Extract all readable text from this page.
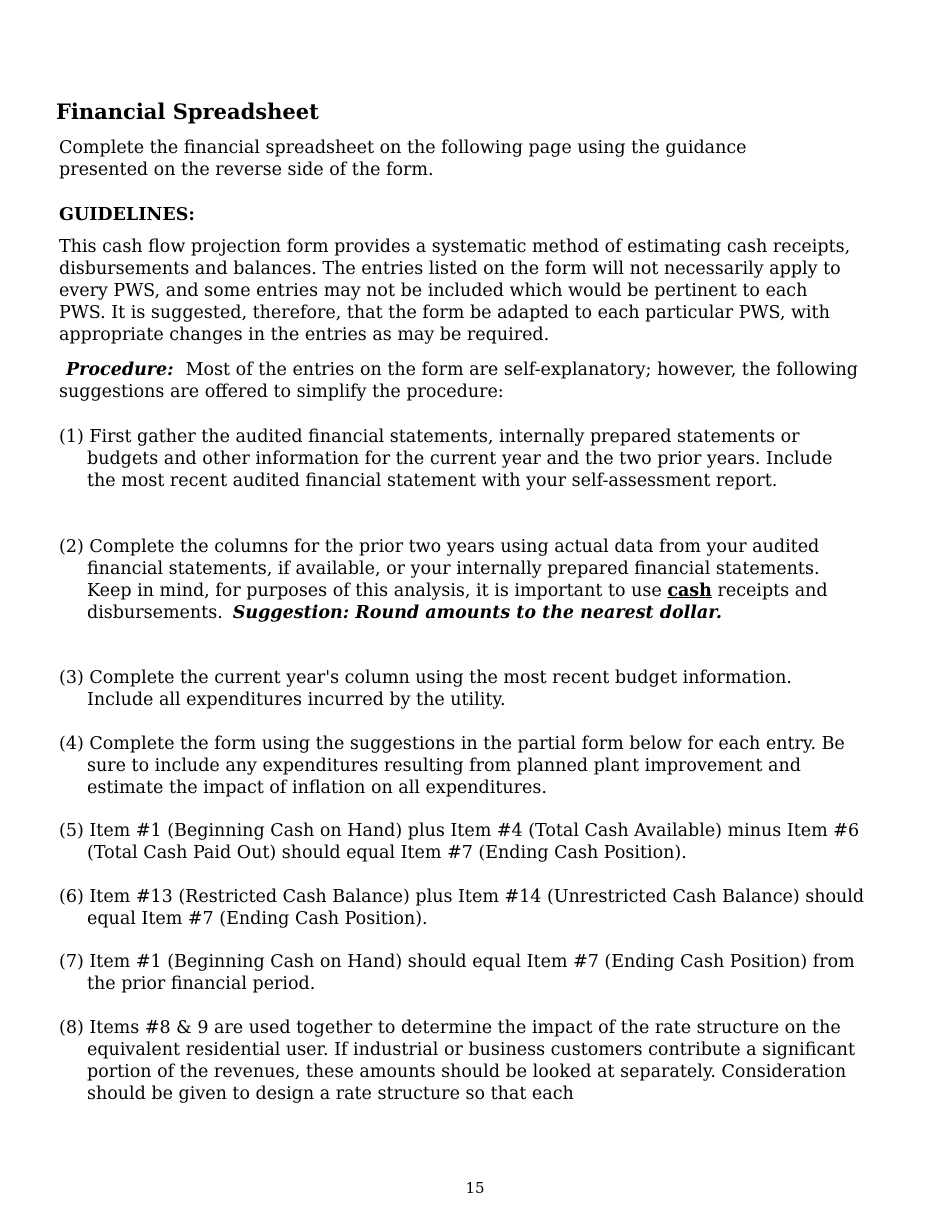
Financial Spreadsheet

Complete the financial spreadsheet on the following page using the guidance presented on the reverse side of the form.

GUIDELINES:

This cash flow projection form provides a systematic method of estimating cash receipts, disbursements and balances. The entries listed on the form will not necessarily apply to every PWS, and some entries may not be included which would be pertinent to each PWS. It is suggested, therefore, that the form be adapted to each particular PWS, with appropriate changes in the entries as may be required.

Procedure: Most of the entries on the form are self-explanatory; however, the following suggestions are offered to simplify the procedure:

(1) First gather the audited financial statements, internally prepared statements or budgets and other information for the current year and the two prior years. Include the most recent audited financial statement with your self-assessment report.

(2) Complete the columns for the prior two years using actual data from your audited financial statements, if available, or your internally prepared financial statements. Keep in mind, for purposes of this analysis, it is important to use cash receipts and disbursements. Suggestion: Round amounts to the nearest dollar.

(3) Complete the current year's column using the most recent budget information. Include all expenditures incurred by the utility.

(4) Complete the form using the suggestions in the partial form below for each entry. Be sure to include any expenditures resulting from planned plant improvement and estimate the impact of inflation on all expenditures.

(5) Item #1 (Beginning Cash on Hand) plus Item #4 (Total Cash Available) minus Item #6 (Total Cash Paid Out) should equal Item #7 (Ending Cash Position).

(6) Item #13 (Restricted Cash Balance) plus Item #14 (Unrestricted Cash Balance) should equal Item #7 (Ending Cash Position).

(7) Item #1 (Beginning Cash on Hand) should equal Item #7 (Ending Cash Position) from the prior financial period.

(8) Items #8 & 9 are used together to determine the impact of the rate structure on the equivalent residential user. If industrial or business customers contribute a significant portion of the revenues, these amounts should be looked at separately. Consideration should be given to design a rate structure so that each

15
